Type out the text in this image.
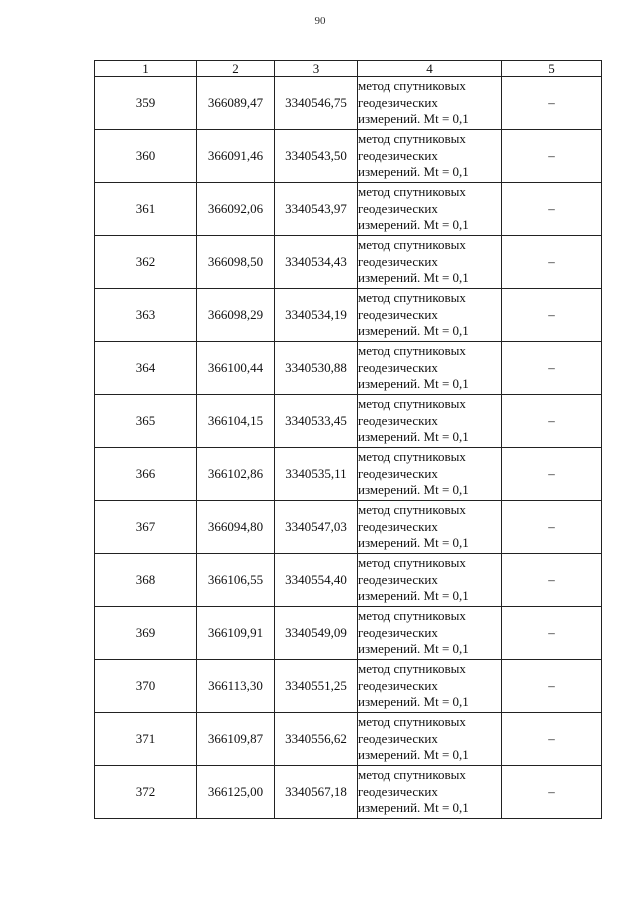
90
1	2	3	4	5
359	366089,47	3340546,75	метод спутниковых
геодезических
измерений. Mt = 0,1	–
360	366091,46	3340543,50	метод спутниковых
геодезических
измерений. Mt = 0,1	–
361	366092,06	3340543,97	метод спутниковых
геодезических
измерений. Mt = 0,1	–
362	366098,50	3340534,43	метод спутниковых
геодезических
измерений. Mt = 0,1	–
363	366098,29	3340534,19	метод спутниковых
геодезических
измерений. Mt = 0,1	–
364	366100,44	3340530,88	метод спутниковых
геодезических
измерений. Mt = 0,1	–
365	366104,15	3340533,45	метод спутниковых
геодезических
измерений. Mt = 0,1	–
366	366102,86	3340535,11	метод спутниковых
геодезических
измерений. Mt = 0,1	–
367	366094,80	3340547,03	метод спутниковых
геодезических
измерений. Mt = 0,1	–
368	366106,55	3340554,40	метод спутниковых
геодезических
измерений. Mt = 0,1	–
369	366109,91	3340549,09	метод спутниковых
геодезических
измерений. Mt = 0,1	–
370	366113,30	3340551,25	метод спутниковых
геодезических
измерений. Mt = 0,1	–
371	366109,87	3340556,62	метод спутниковых
геодезических
измерений. Mt = 0,1	–
372	366125,00	3340567,18	метод спутниковых
геодезических
измерений. Mt = 0,1	–
